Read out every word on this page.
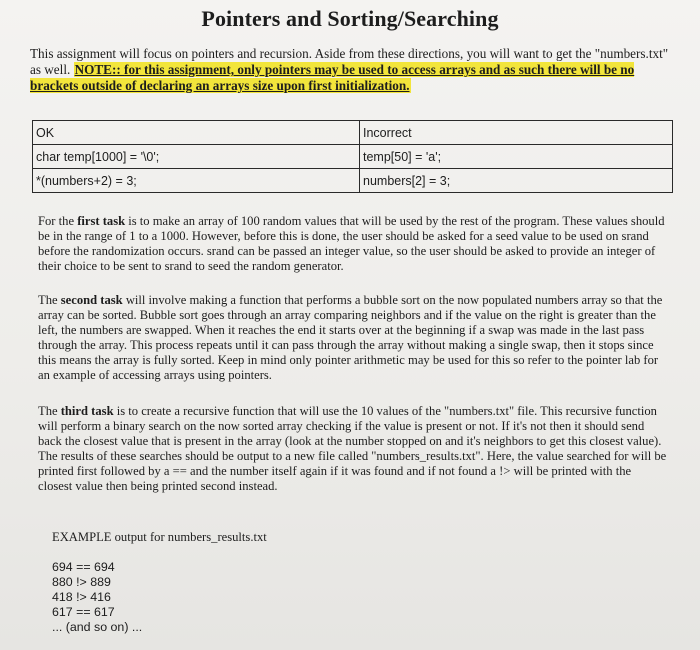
Pointers and Sorting/Searching
This assignment will focus on pointers and recursion. Aside from these directions, you will want to get the "numbers.txt" as well. NOTE:: for this assignment, only pointers may be used to access arrays and as such there will be no brackets outside of declaring an arrays size upon first initialization.
OK	Incorrect
char temp[1000] = '\0';	temp[50] = 'a';
*(numbers+2) = 3;	numbers[2] = 3;
For the first task is to make an array of 100 random values that will be used by the rest of the program. These values should be in the range of 1 to a 1000. However, before this is done, the user should be asked for a seed value to be used on srand before the randomization occurs. srand can be passed an integer value, so the user should be asked to provide an integer of their choice to be sent to srand to seed the random generator.
The second task will involve making a function that performs a bubble sort on the now populated numbers array so that the array can be sorted. Bubble sort goes through an array comparing neighbors and if the value on the right is greater than the left, the numbers are swapped. When it reaches the end it starts over at the beginning if a swap was made in the last pass through the array. This process repeats until it can pass through the array without making a single swap, then it stops since this means the array is fully sorted. Keep in mind only pointer arithmetic may be used for this so refer to the pointer lab for an example of accessing arrays using pointers.
The third task is to create a recursive function that will use the 10 values of the "numbers.txt" file. This recursive function will perform a binary search on the now sorted array checking if the value is present or not. If it's not then it should send back the closest value that is present in the array (look at the number stopped on and it's neighbors to get this closest value). The results of these searches should be output to a new file called "numbers_results.txt". Here, the value searched for will be printed first followed by a == and the number itself again if it was found and if not found a !> will be printed with the closest value then being printed second instead.
EXAMPLE output for numbers_results.txt
694 == 694
880 !> 889
418 !> 416
617 == 617
... (and so on) ...
